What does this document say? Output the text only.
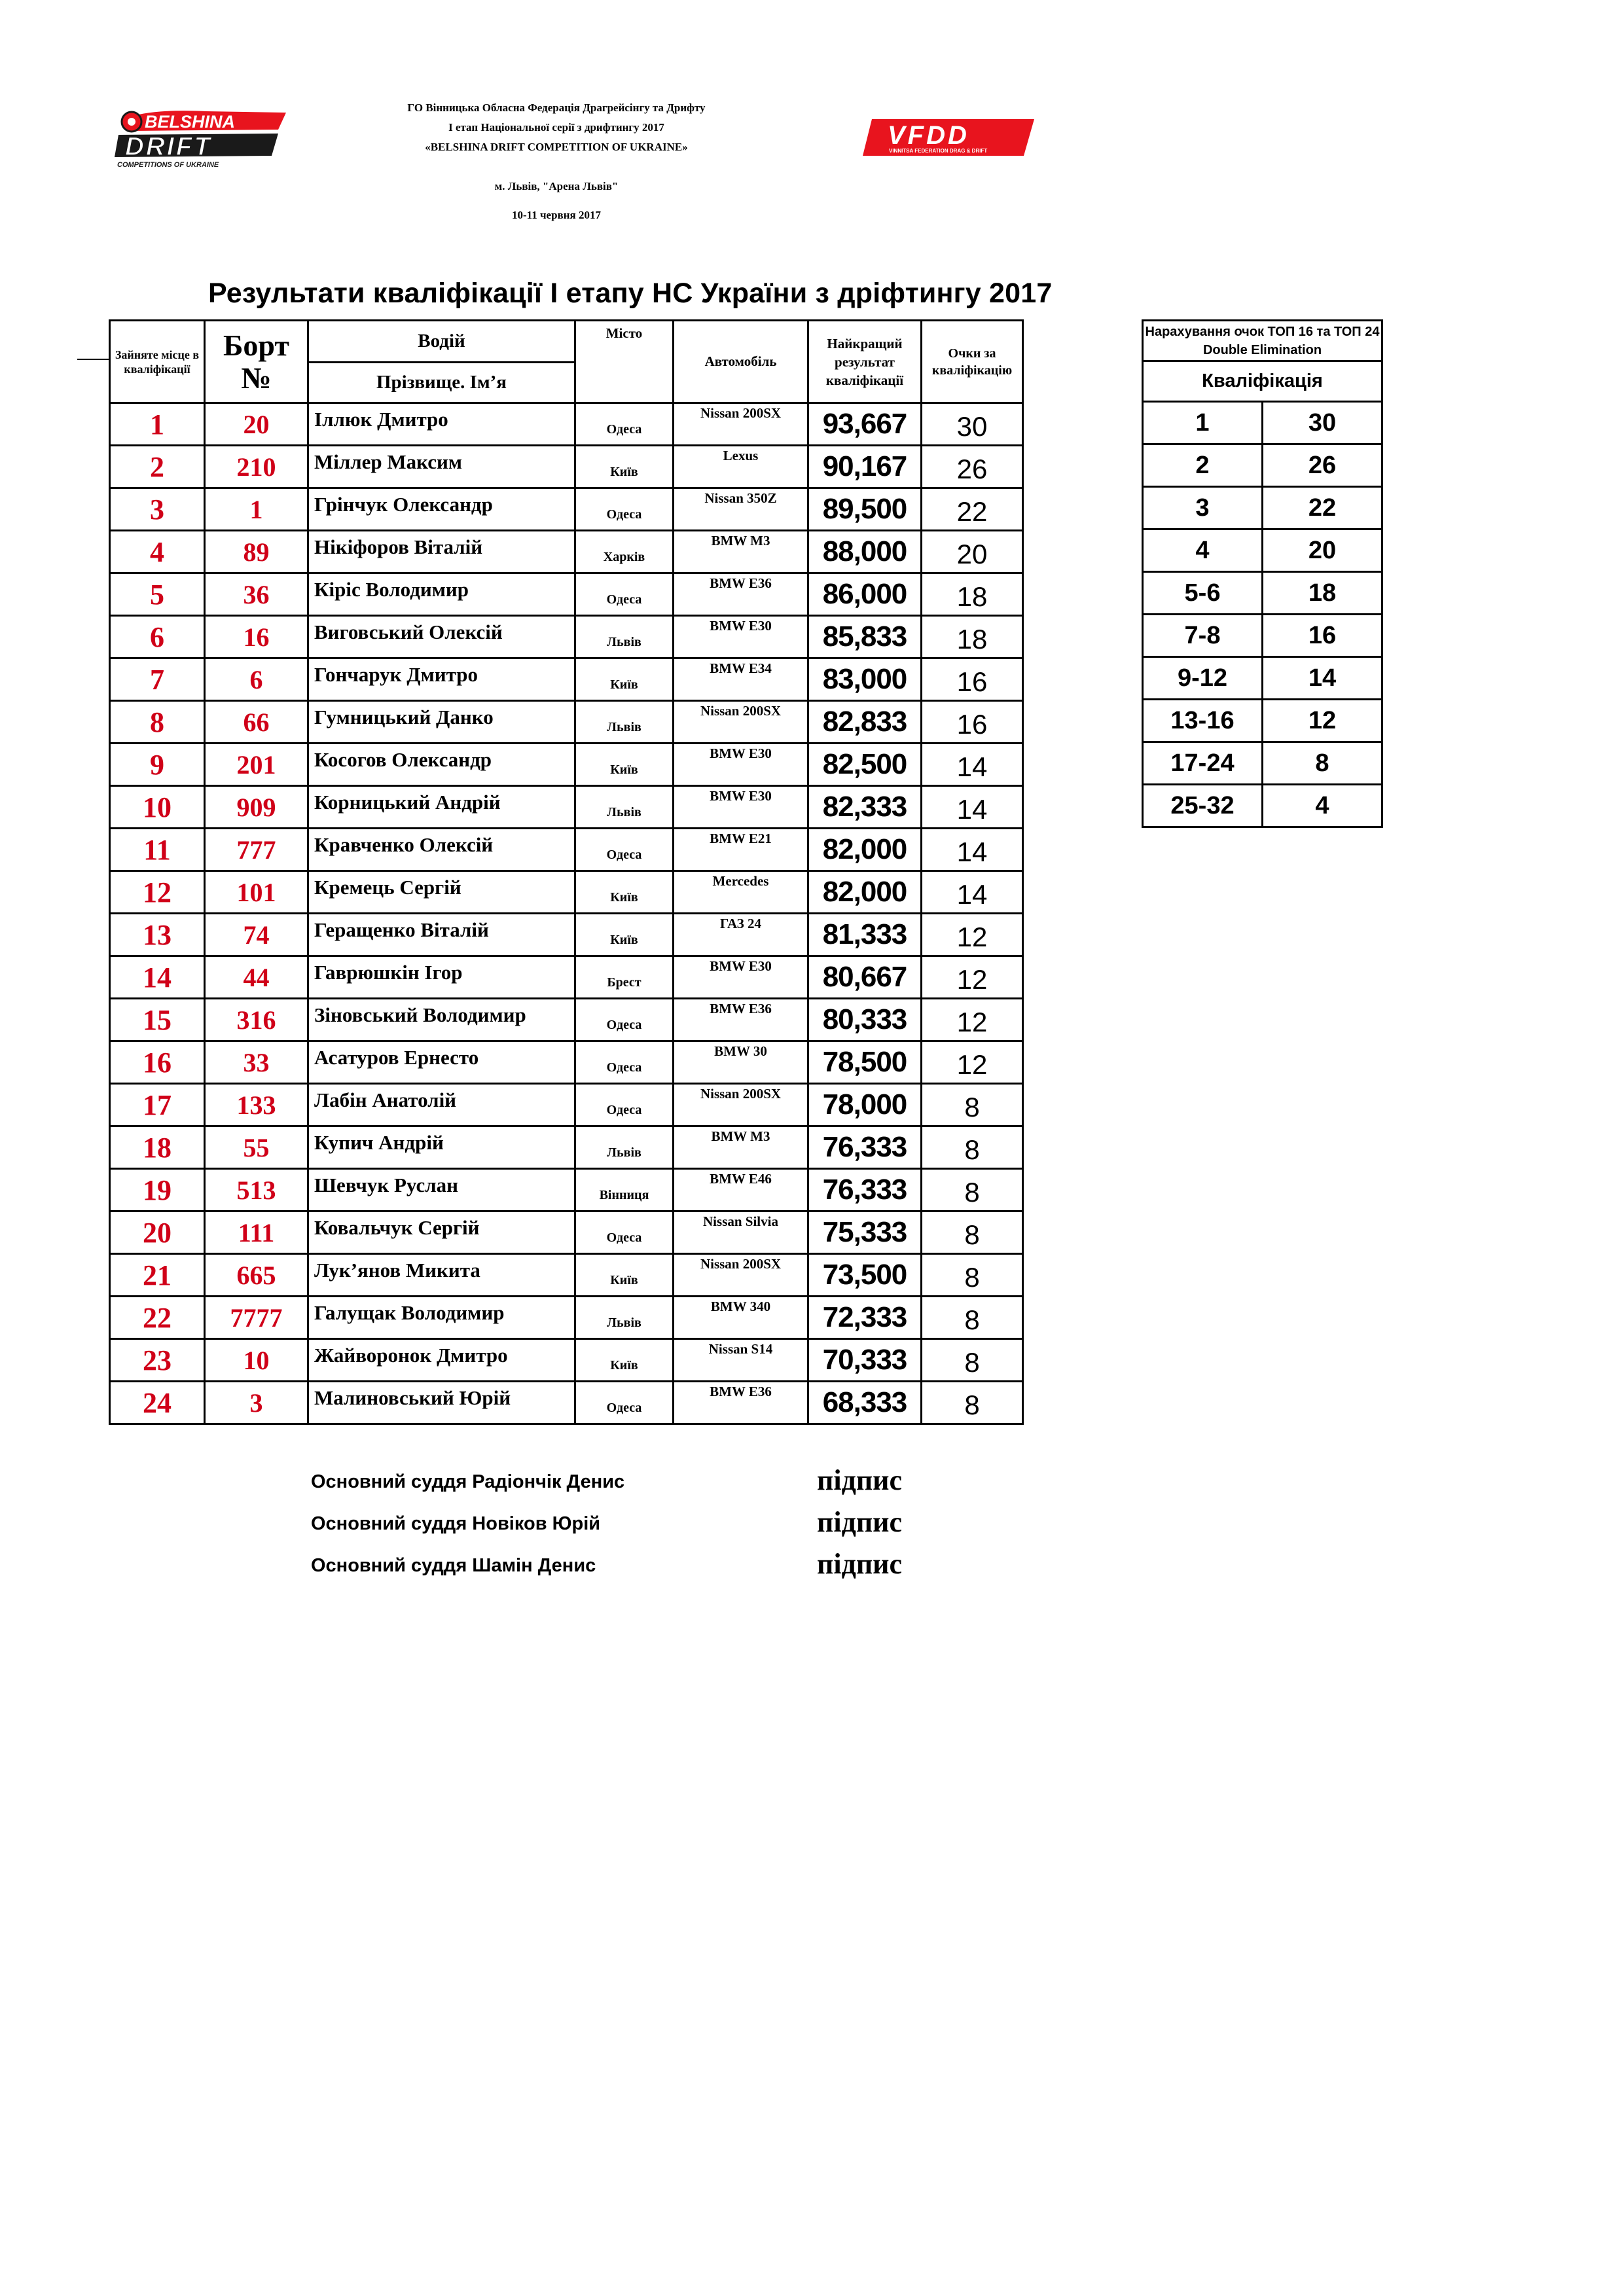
BELSHINA
DRIFT
COMPETITIONS OF UKRAINE
ГО Вінницька Обласна Федерація Драгрейсінгу та Дрифту
І етап Національної серії з дрифтингу 2017
«BELSHINA DRIFT COMPETITION OF UKRAINE»
м. Львів, "Арена Львів"
10-11 червня 2017
VFDD
VINNITSA FEDERATION DRAG & DRIFT
Результати кваліфікації І етапу НС України з дріфтингу 2017
Зайняте місце в кваліфікації	Борт №	Водій	Місто	Автомобіль	Найкращий результат кваліфікації	Очки за кваліфікацію
		Прізвище. Ім’я				
1	20	Іллюк Дмитро	Одеса	Nissan 200SX	93,667	30
2	210	Міллер Максим	Київ	Lexus	90,167	26
3	1	Грінчук Олександр	Одеса	Nissan 350Z	89,500	22
4	89	Нікіфоров Віталій	Харків	BMW M3	88,000	20
5	36	Кіріс Володимир	Одеса	BMW E36	86,000	18
6	16	Виговський Олексій	Львів	BMW E30	85,833	18
7	6	Гончарук Дмитро	Київ	BMW E34	83,000	16
8	66	Гумницький Данко	Львів	Nissan 200SX	82,833	16
9	201	Косогов Олександр	Київ	BMW E30	82,500	14
10	909	Корницький Андрій	Львів	BMW E30	82,333	14
11	777	Кравченко Олексій	Одеса	BMW E21	82,000	14
12	101	Кремець Сергій	Київ	Mercedes	82,000	14
13	74	Геращенко Віталій	Київ	ГАЗ 24	81,333	12
14	44	Гаврюшкін Ігор	Брест	BMW E30	80,667	12
15	316	Зіновський Володимир	Одеса	BMW E36	80,333	12
16	33	Асатуров Ернесто	Одеса	BMW 30	78,500	12
17	133	Лабін Анатолій	Одеса	Nissan 200SX	78,000	8
18	55	Купич Андрій	Львів	BMW M3	76,333	8
19	513	Шевчук Руслан	Вінниця	BMW E46	76,333	8
20	111	Ковальчук Сергій	Одеса	Nissan Silvia	75,333	8
21	665	Лук’янов Микита	Київ	Nissan 200SX	73,500	8
22	7777	Галущак Володимир	Львів	BMW 340	72,333	8
23	10	Жайворонок Дмитро	Київ	Nissan S14	70,333	8
24	3	Малиновський Юрій	Одеса	BMW E36	68,333	8
Нарахування очок ТОП 16 та ТОП 24 Double Elimination	
Кваліфікація	
1	30
2	26
3	22
4	20
5-6	18
7-8	16
9-12	14
13-16	12
17-24	8
25-32	4
Основний суддя Радіончік Денис	підпис
Основний суддя Новіков Юрій	підпис
Основний суддя Шамін Денис	підпис
